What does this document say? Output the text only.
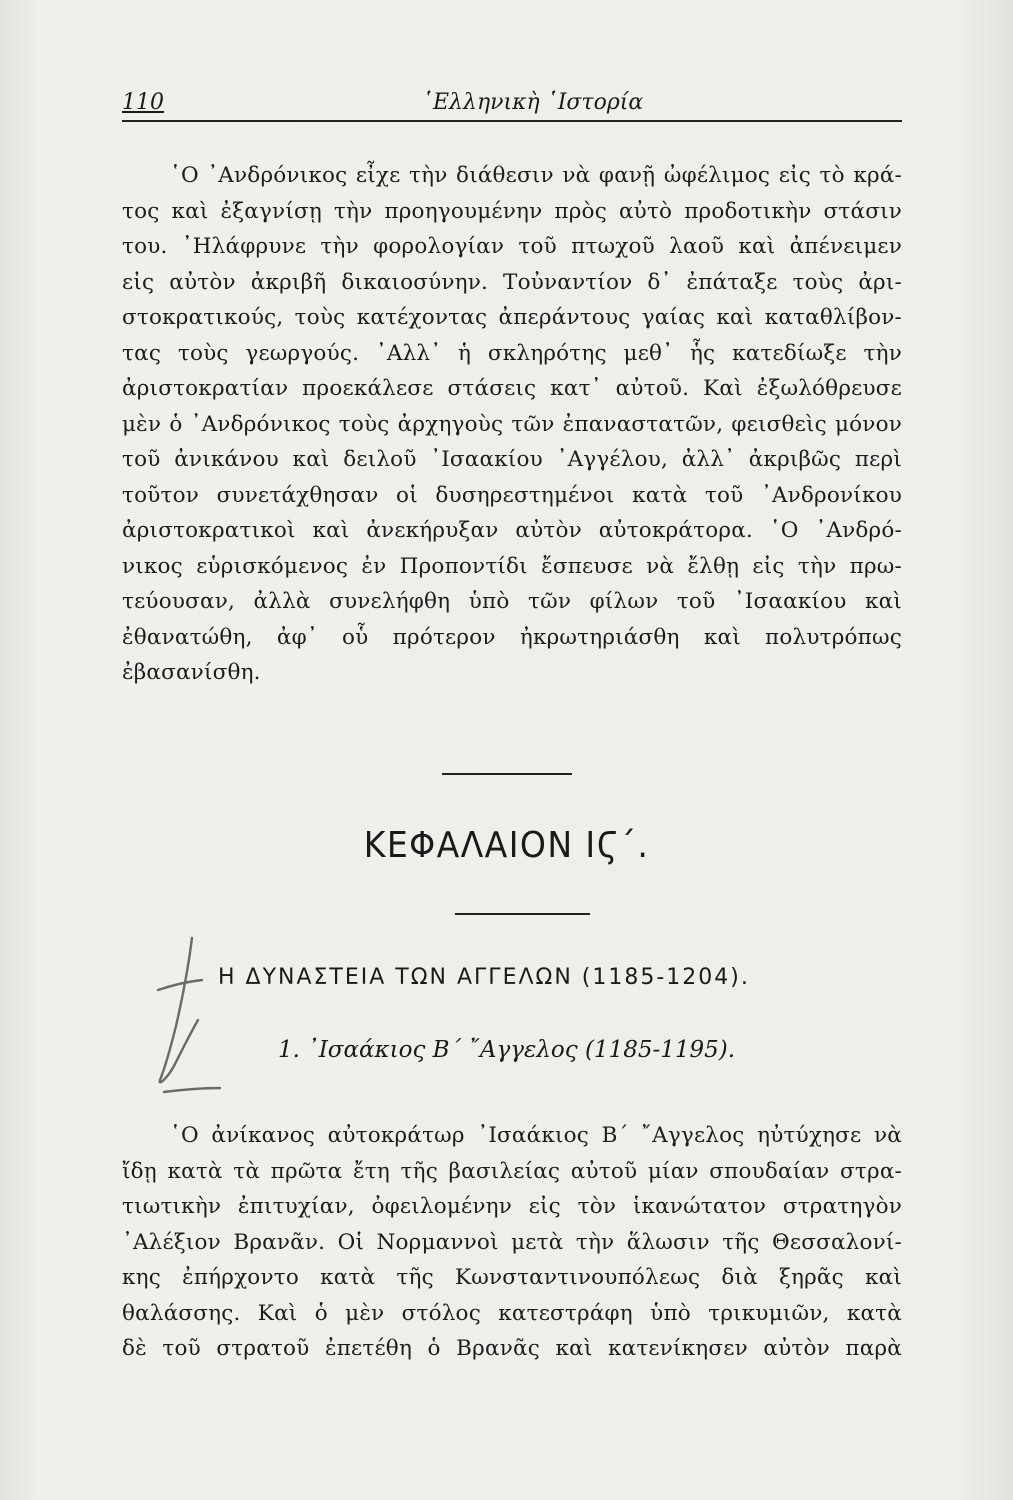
110	῾Ελληνικὴ ῾Ιστορία
῾Ο ᾿Ανδρόνικος εἶχε τὴν διάθεσιν νὰ φανῇ ὠφέλιμος εἰς τὸ κρά-
τος καὶ ἐξαγνίσῃ τὴν προηγουμένην πρὸς αὐτὸ προδοτικὴν στάσιν
του. ᾿Ηλάφρυνε τὴν φορολογίαν τοῦ πτωχοῦ λαοῦ καὶ ἀπένειμεν
εἰς αὐτὸν ἀκριβῆ δικαιοσύνην. Τοὐναντίον δ᾿ ἐπάταξε τοὺς ἀρι-
στοκρατικούς, τοὺς κατέχοντας ἀπεράντους γαίας καὶ καταθλίβον-
τας τοὺς γεωργούς. ᾿Αλλ᾿ ἡ σκληρότης μεθ᾿ ἧς κατεδίωξε τὴν
ἀριστοκρατίαν προεκάλεσε στάσεις κατ᾿ αὐτοῦ. Καὶ ἐξωλόθρευσε
μὲν ὁ ᾿Ανδρόνικος τοὺς ἀρχηγοὺς τῶν ἐπαναστατῶν, φεισθεὶς μόνον
τοῦ ἀνικάνου καὶ δειλοῦ ᾿Ισαακίου ᾿Αγγέλου, ἀλλ᾿ ἀκριβῶς περὶ
τοῦτον συνετάχθησαν οἱ δυσηρεστημένοι κατὰ τοῦ ᾿Ανδρονίκου
ἀριστοκρατικοὶ καὶ ἀνεκήρυξαν αὐτὸν αὐτοκράτορα. ῾Ο ᾿Ανδρό-
νικος εὑρισκόμενος ἐν Προποντίδι ἔσπευσε νὰ ἔλθῃ εἰς τὴν πρω-
τεύουσαν, ἀλλὰ συνελήφθη ὑπὸ τῶν φίλων τοῦ ᾿Ισαακίου καὶ
ἐθανατώθη, ἀφ᾿ οὗ πρότερον ἠκρωτηριάσθη καὶ πολυτρόπως
ἐβασανίσθη.
ΚΕΦΑΛΑΙΟΝ ΙϚ΄.
Η ΔΥΝΑΣΤΕΙΑ ΤΩΝ ΑΓΓΕΛΩΝ (1185-1204).
1. ᾿Ισαάκιος Β΄ ῎Αγγελος (1185-1195).
῾Ο ἀνίκανος αὐτοκράτωρ ᾿Ισαάκιος Β΄ ῎Αγγελος ηὐτύχησε νὰ
ἴδῃ κατὰ τὰ πρῶτα ἔτη τῆς βασιλείας αὐτοῦ μίαν σπουδαίαν στρα-
τιωτικὴν ἐπιτυχίαν, ὀφειλομένην εἰς τὸν ἱκανώτατον στρατηγὸν
᾿Αλέξιον Βρανᾶν. Οἱ Νορμαννοὶ μετὰ τὴν ἅλωσιν τῆς Θεσσαλονί-
κης ἐπήρχοντο κατὰ τῆς Κωνσταντινουπόλεως διὰ ξηρᾶς καὶ
θαλάσσης. Καὶ ὁ μὲν στόλος κατεστράφη ὑπὸ τρικυμιῶν, κατὰ
δὲ τοῦ στρατοῦ ἐπετέθη ὁ Βρανᾶς καὶ κατενίκησεν αὐτὸν παρὰ
